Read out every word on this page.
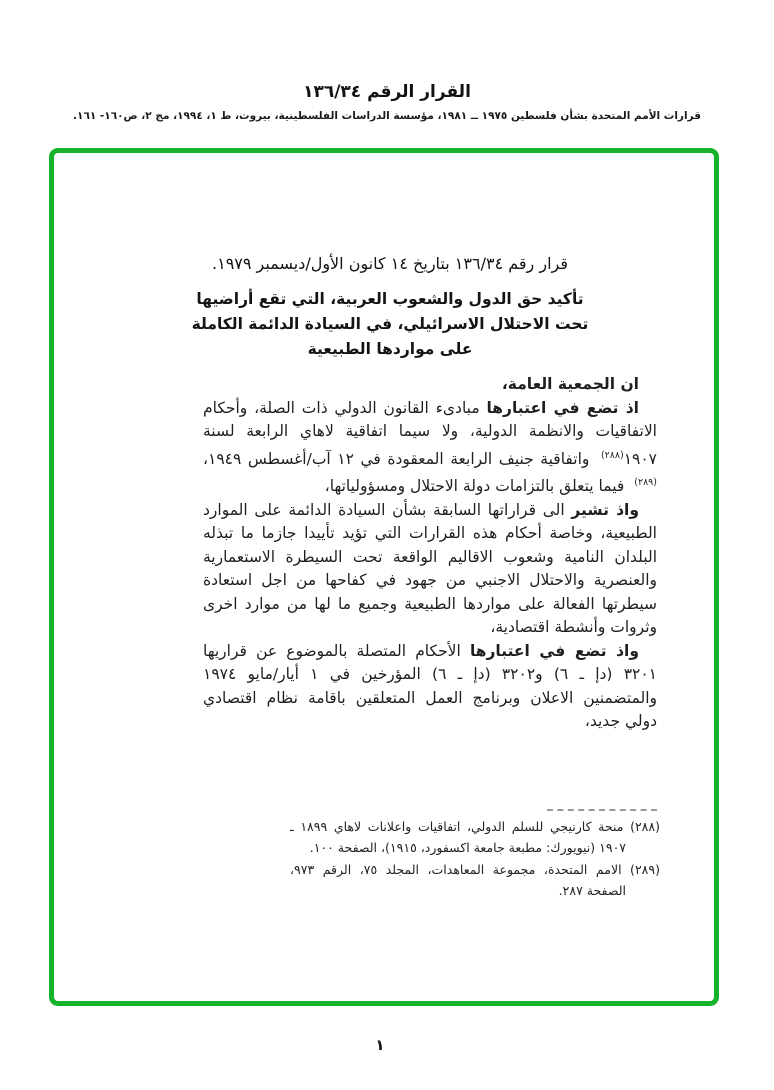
القرار الرقم ١٣٦/٣٤
قرارات الأمم المتحدة بشأن فلسطين ١٩٧٥ ــ ١٩٨١، مؤسسة الدراسات الفلسطينية، بيروت، ط ١، ١٩٩٤، مج ٢، ص١٦٠- ١٦١.
قرار رقم ١٣٦/٣٤ بتاريخ ١٤ كانون الأول/ديسمبر ١٩٧٩.
تأكيد حق الدول والشعوب العربية، التي تقع أراضيها
تحت الاحتلال الاسرائيلي، في السيادة الدائمة الكاملة
على مواردها الطبيعية

ان الجمعية العامة،

اذ تضع في اعتبارها مبادىء القانون الدولي ذات الصلة، وأحكام الاتفاقيات والانظمة الدولية، ولا سيما اتفاقية لاهاي الرابعة لسنة ١٩٠٧$^{(٢٨٨)}$ واتفاقية جنيف الرابعة المعقودة في ١٢ آب/أغسطس ١٩٤٩،$^{(٢٨٩)}$ فيما يتعلق بالتزامات دولة الاحتلال ومسؤولياتها،

واذ تشير الى قراراتها السابقة بشأن السيادة الدائمة على الموارد الطبيعية، وخاصة أحكام هذه القرارات التي تؤيد تأييدا جازما ما تبذله البلدان النامية وشعوب الاقاليم الواقعة تحت السيطرة الاستعمارية والعنصرية والاحتلال الاجنبي من جهود في كفاحها من اجل استعادة سيطرتها الفعالة على مواردها الطبيعية وجميع ما لها من موارد اخرى وثروات وأنشطة اقتصادية،

واذ تضع في اعتبارها الأحكام المتصلة بالموضوع عن قراريها ٣٢٠١ (دإ ـ ٦) و٣٢٠٢ (دإ ـ ٦) المؤرخين في ١ أيار/مايو ١٩٧٤ والمتضمنين الاعلان وبرنامج العمل المتعلقين باقامة نظام اقتصادي دولي جديد،

(٢٨٨) منحة كارنيجي للسلم الدولي، اتفاقيات واعلانات لاهاي ١٨٩٩ ـ ١٩٠٧ (نيويورك: مطبعة جامعة اكسفورد، ١٩١٥)، الصفحة ١٠٠.
(٢٨٩) الامم المتحدة، مجموعة المعاهدات، المجلد ٧٥، الرقم ٩٧٣، الصفحة ٢٨٧.
١
